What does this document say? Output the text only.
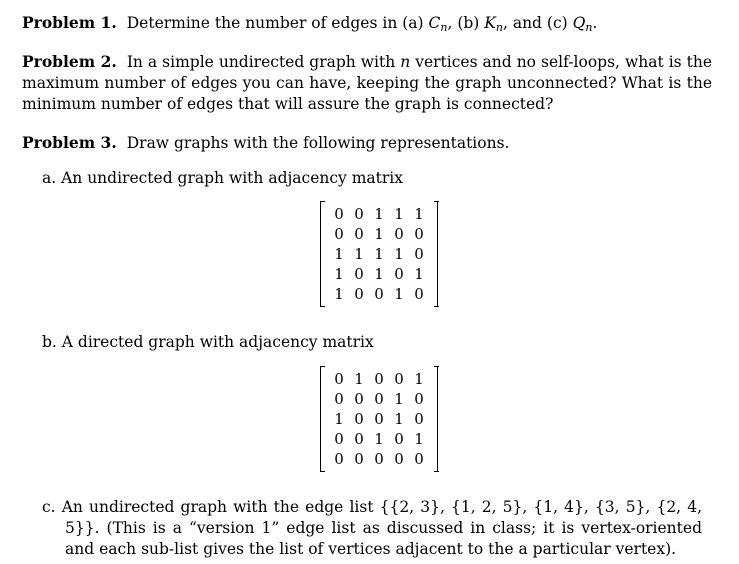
Problem 1. Determine the number of edges in (a) $C_n$, (b) $K_n$, and (c) $Q_n$.
Problem 2. In a simple undirected graph with n vertices and no self-loops, what is the maximum number of edges you can have, keeping the graph unconnected? What is the minimum number of edges that will assure the graph is connected?
Problem 3. Draw graphs with the following representations.
a. An undirected graph with adjacency matrix
0	0	1	1	1
0	0	1	0	0
1	1	1	1	0
1	0	1	0	1
1	0	0	1	0
b. A directed graph with adjacency matrix
0	1	0	0	1
0	0	0	1	0
1	0	0	1	0
0	0	1	0	1
0	0	0	0	0
c. An undirected graph with the edge list {{2, 3}, {1, 2, 5}, {1, 4}, {3, 5}, {2, 4, 5}}. (This is a “version 1” edge list as discussed in class; it is vertex-oriented and each sub-list gives the list of vertices adjacent to the a particular vertex).
